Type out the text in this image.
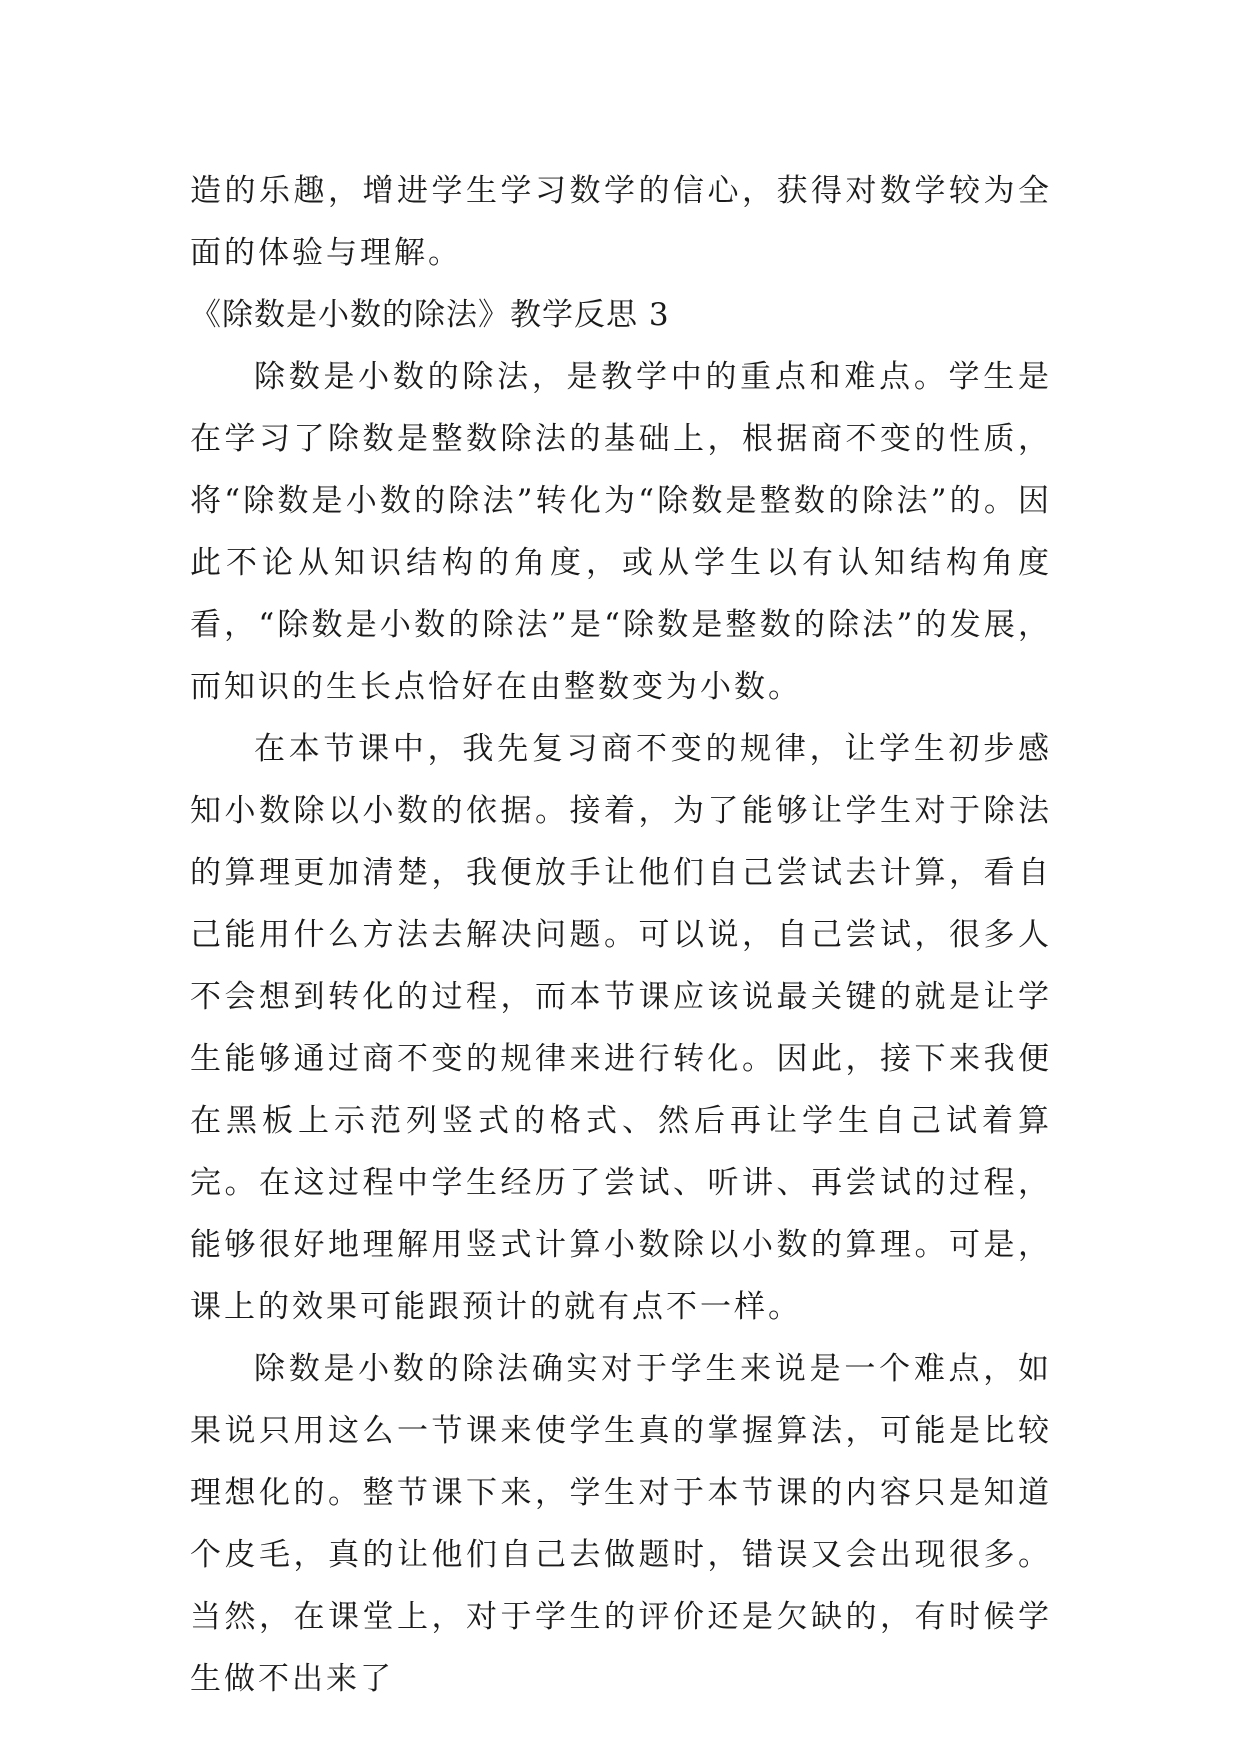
造的乐趣，增进学生学习数学的信心，获得对数学较为全面的体验与理解。

《除数是小数的除法》教学反思 3

除数是小数的除法，是教学中的重点和难点。学生是在学习了除数是整数除法的基础上，根据商不变的性质，将“除数是小数的除法”转化为“除数是整数的除法”的。因此不论从知识结构的角度，或从学生以有认知结构角度看，“除数是小数的除法”是“除数是整数的除法”的发展，而知识的生长点恰好在由整数变为小数。

在本节课中，我先复习商不变的规律，让学生初步感知小数除以小数的依据。接着，为了能够让学生对于除法的算理更加清楚，我便放手让他们自己尝试去计算，看自己能用什么方法去解决问题。可以说，自己尝试，很多人不会想到转化的过程，而本节课应该说最关键的就是让学生能够通过商不变的规律来进行转化。因此，接下来我便在黑板上示范列竖式的格式、然后再让学生自己试着算完。在这过程中学生经历了尝试、听讲、再尝试的过程，能够很好地理解用竖式计算小数除以小数的算理。可是，课上的效果可能跟预计的就有点不一样。

除数是小数的除法确实对于学生来说是一个难点，如果说只用这么一节课来使学生真的掌握算法，可能是比较理想化的。整节课下来，学生对于本节课的内容只是知道个皮毛，真的让他们自己去做题时，错误又会出现很多。当然，在课堂上，对于学生的评价还是欠缺的，有时候学生做不出来了
